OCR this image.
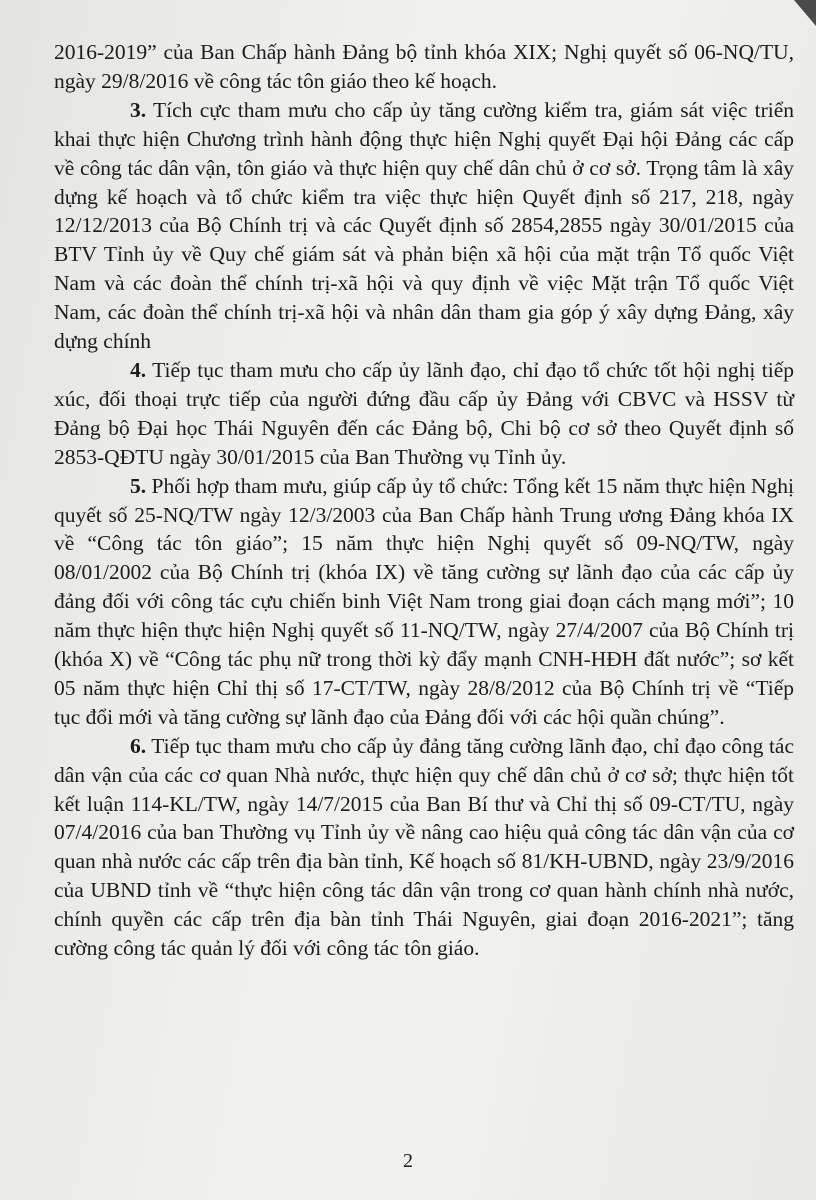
2016-2019” của Ban Chấp hành Đảng bộ tỉnh khóa XIX; Nghị quyết số 06-NQ/TU, ngày 29/8/2016 về công tác tôn giáo theo kế hoạch.

3. Tích cực tham mưu cho cấp ủy tăng cường kiểm tra, giám sát việc triển khai thực hiện Chương trình hành động thực hiện Nghị quyết Đại hội Đảng các cấp về công tác dân vận, tôn giáo và thực hiện quy chế dân chủ ở cơ sở. Trọng tâm là xây dựng kế hoạch và tổ chức kiểm tra việc thực hiện Quyết định số 217, 218, ngày 12/12/2013 của Bộ Chính trị và các Quyết định số 2854,2855 ngày 30/01/2015 của BTV Tỉnh ủy về Quy chế giám sát và phản biện xã hội của mặt trận Tổ quốc Việt Nam và các đoàn thể chính trị-xã hội và quy định về việc Mặt trận Tổ quốc Việt Nam, các đoàn thể chính trị-xã hội và nhân dân tham gia góp ý xây dựng Đảng, xây dựng chính

4. Tiếp tục tham mưu cho cấp ủy lãnh đạo, chỉ đạo tổ chức tốt hội nghị tiếp xúc, đối thoại trực tiếp của người đứng đầu cấp ủy Đảng với CBVC và HSSV từ Đảng bộ Đại học Thái Nguyên đến các Đảng bộ, Chi bộ cơ sở theo Quyết định số 2853-QĐTU ngày 30/01/2015 của Ban Thường vụ Tỉnh ủy.

5. Phối hợp tham mưu, giúp cấp ủy tổ chức: Tổng kết 15 năm thực hiện Nghị quyết số 25-NQ/TW ngày 12/3/2003 của Ban Chấp hành Trung ương Đảng khóa IX về “Công tác tôn giáo”; 15 năm thực hiện Nghị quyết số 09-NQ/TW, ngày 08/01/2002 của Bộ Chính trị (khóa IX) về tăng cường sự lãnh đạo của các cấp ủy đảng đối với công tác cựu chiến binh Việt Nam trong giai đoạn cách mạng mới”; 10 năm thực hiện thực hiện Nghị quyết số 11-NQ/TW, ngày 27/4/2007 của Bộ Chính trị (khóa X) về “Công tác phụ nữ trong thời kỳ đẩy mạnh CNH-HĐH đất nước”; sơ kết 05 năm thực hiện Chỉ thị số 17-CT/TW, ngày 28/8/2012 của Bộ Chính trị về “Tiếp tục đổi mới và tăng cường sự lãnh đạo của Đảng đối với các hội quần chúng”.

6. Tiếp tục tham mưu cho cấp ủy đảng tăng cường lãnh đạo, chỉ đạo công tác dân vận của các cơ quan Nhà nước, thực hiện quy chế dân chủ ở cơ sở; thực hiện tốt kết luận 114-KL/TW, ngày 14/7/2015 của Ban Bí thư và Chỉ thị số 09-CT/TU, ngày 07/4/2016 của ban Thường vụ Tỉnh ủy về nâng cao hiệu quả công tác dân vận của cơ quan nhà nước các cấp trên địa bàn tỉnh, Kế hoạch số 81/KH-UBND, ngày 23/9/2016 của UBND tỉnh về “thực hiện công tác dân vận trong cơ quan hành chính nhà nước, chính quyền các cấp trên địa bàn tỉnh Thái Nguyên, giai đoạn 2016-2021”; tăng cường công tác quản lý đối với công tác tôn giáo.

2
